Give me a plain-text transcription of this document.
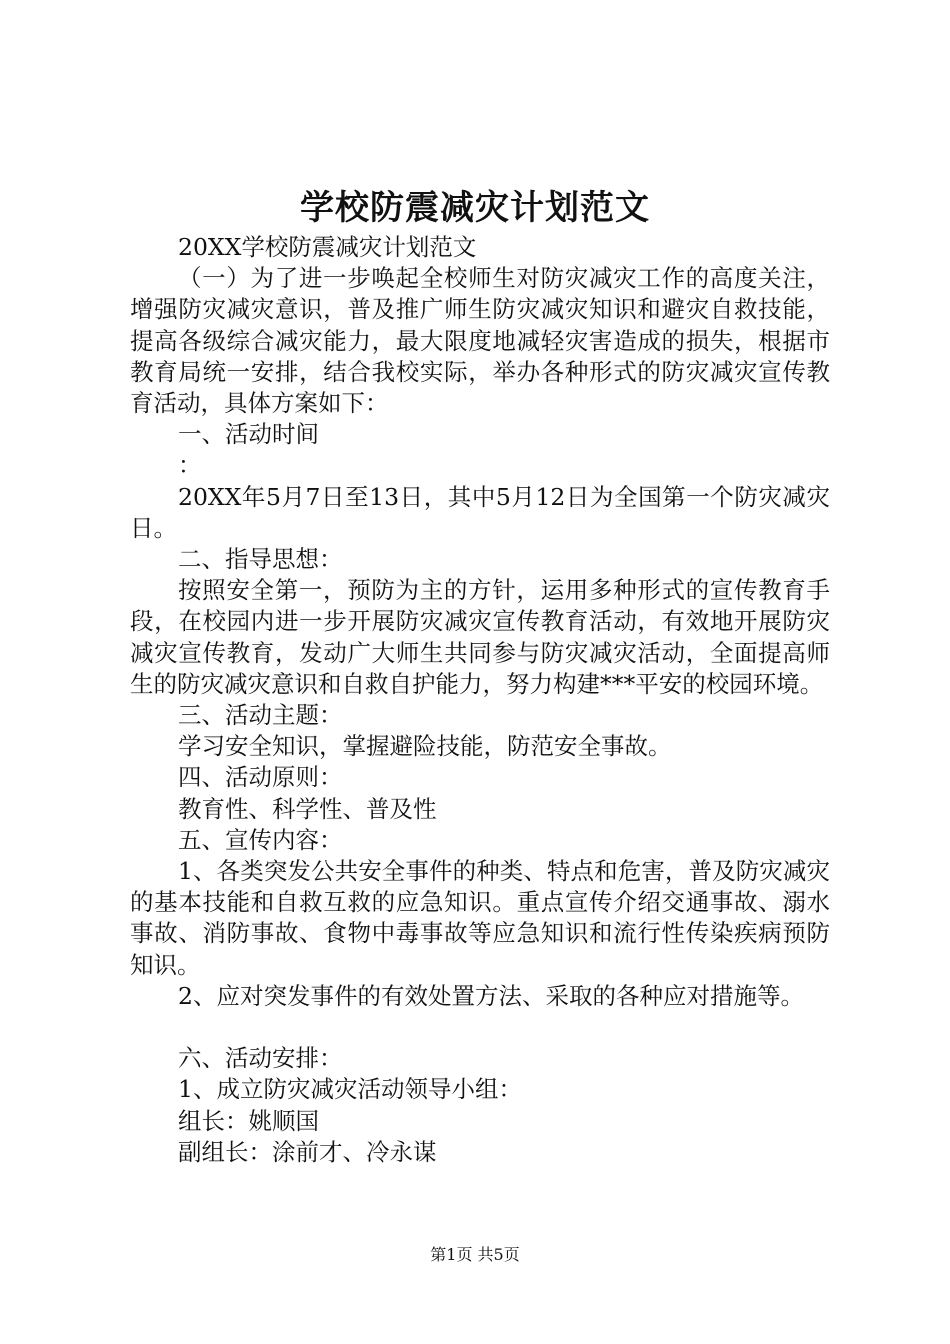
学校防震减灾计划范文

20XX学校防震减灾计划范文

（一）为了进一步唤起全校师生对防灾减灾工作的高度关注，增强防灾减灾意识，普及推广师生防灾减灾知识和避灾自救技能，提高各级综合减灾能力，最大限度地减轻灾害造成的损失，根据市教育局统一安排，结合我校实际，举办各种形式的防灾减灾宣传教育活动，具体方案如下：

一、活动时间

：

20XX年5月7日至13日，其中5月12日为全国第一个防灾减灾日。

二、指导思想：

按照安全第一，预防为主的方针，运用多种形式的宣传教育手段，在校园内进一步开展防灾减灾宣传教育活动，有效地开展防灾减灾宣传教育，发动广大师生共同参与防灾减灾活动，全面提高师生的防灾减灾意识和自救自护能力，努力构建***平安的校园环境。

三、活动主题：

学习安全知识，掌握避险技能，防范安全事故。

四、活动原则：

教育性、科学性、普及性

五、宣传内容：

1、各类突发公共安全事件的种类、特点和危害，普及防灾减灾的基本技能和自救互救的应急知识。重点宣传介绍交通事故、溺水事故、消防事故、食物中毒事故等应急知识和流行性传染疾病预防知识。

2、应对突发事件的有效处置方法、采取的各种应对措施等。

六、活动安排：

1、成立防灾减灾活动领导小组：

组长：姚顺国

副组长：涂前才、冷永谋

第1页 共5页
